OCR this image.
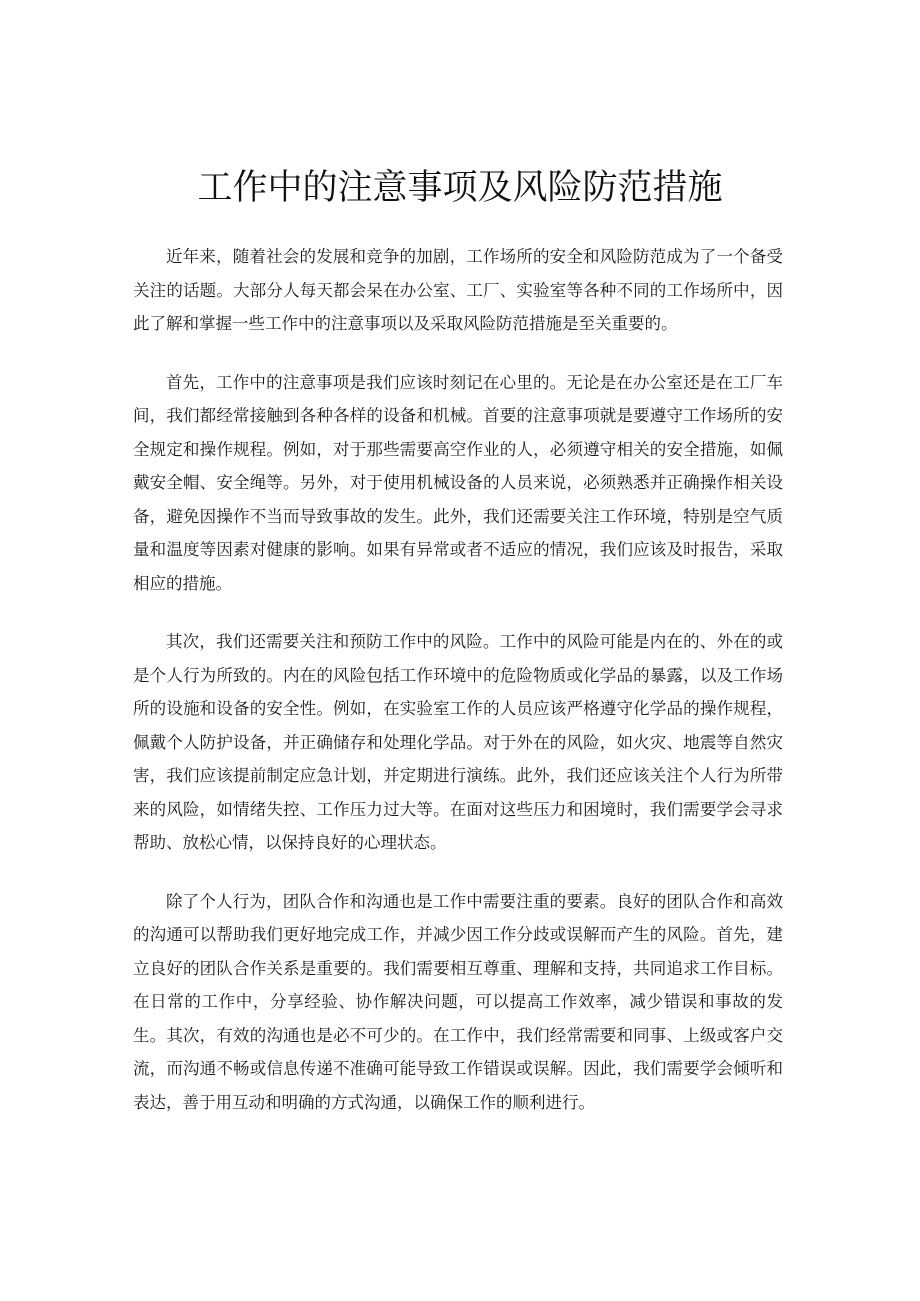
工作中的注意事项及风险防范措施

近年来，随着社会的发展和竞争的加剧，工作场所的安全和风险防范成为了一个备受关注的话题。大部分人每天都会呆在办公室、工厂、实验室等各种不同的工作场所中，因此了解和掌握一些工作中的注意事项以及采取风险防范措施是至关重要的。

首先，工作中的注意事项是我们应该时刻记在心里的。无论是在办公室还是在工厂车间，我们都经常接触到各种各样的设备和机械。首要的注意事项就是要遵守工作场所的安全规定和操作规程。例如，对于那些需要高空作业的人，必须遵守相关的安全措施，如佩戴安全帽、安全绳等。另外，对于使用机械设备的人员来说，必须熟悉并正确操作相关设备，避免因操作不当而导致事故的发生。此外，我们还需要关注工作环境，特别是空气质量和温度等因素对健康的影响。如果有异常或者不适应的情况，我们应该及时报告，采取相应的措施。

其次，我们还需要关注和预防工作中的风险。工作中的风险可能是内在的、外在的或是个人行为所致的。内在的风险包括工作环境中的危险物质或化学品的暴露，以及工作场所的设施和设备的安全性。例如，在实验室工作的人员应该严格遵守化学品的操作规程，佩戴个人防护设备，并正确储存和处理化学品。对于外在的风险，如火灾、地震等自然灾害，我们应该提前制定应急计划，并定期进行演练。此外，我们还应该关注个人行为所带来的风险，如情绪失控、工作压力过大等。在面对这些压力和困境时，我们需要学会寻求帮助、放松心情，以保持良好的心理状态。

除了个人行为，团队合作和沟通也是工作中需要注重的要素。良好的团队合作和高效的沟通可以帮助我们更好地完成工作，并减少因工作分歧或误解而产生的风险。首先，建立良好的团队合作关系是重要的。我们需要相互尊重、理解和支持，共同追求工作目标。在日常的工作中，分享经验、协作解决问题，可以提高工作效率，减少错误和事故的发生。其次，有效的沟通也是必不可少的。在工作中，我们经常需要和同事、上级或客户交流，而沟通不畅或信息传递不准确可能导致工作错误或误解。因此，我们需要学会倾听和表达，善于用互动和明确的方式沟通，以确保工作的顺利进行。
